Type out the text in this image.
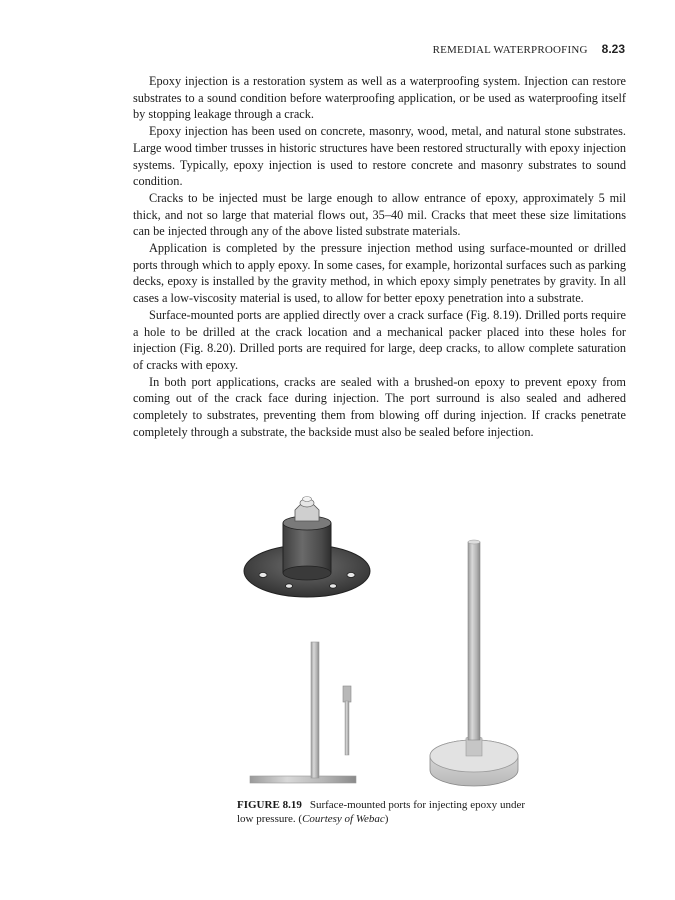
REMEDIAL WATERPROOFING 8.23

Epoxy injection is a restoration system as well as a waterproofing system. Injection can restore substrates to a sound condition before waterproofing application, or be used as waterproofing itself by stopping leakage through a crack.

Epoxy injection has been used on concrete, masonry, wood, metal, and natural stone substrates. Large wood timber trusses in historic structures have been restored structurally with epoxy injection systems. Typically, epoxy injection is used to restore concrete and masonry substrates to sound condition.

Cracks to be injected must be large enough to allow entrance of epoxy, approximately 5 mil thick, and not so large that material flows out, 35–40 mil. Cracks that meet these size limitations can be injected through any of the above listed substrate materials.

Application is completed by the pressure injection method using surface-mounted or drilled ports through which to apply epoxy. In some cases, for example, horizontal surfaces such as parking decks, epoxy is installed by the gravity method, in which epoxy simply penetrates by gravity. In all cases a low-viscosity material is used, to allow for better epoxy penetration into a substrate.

Surface-mounted ports are applied directly over a crack surface (Fig. 8.19). Drilled ports require a hole to be drilled at the crack location and a mechanical packer placed into these holes for injection (Fig. 8.20). Drilled ports are required for large, deep cracks, to allow complete saturation of cracks with epoxy.

In both port applications, cracks are sealed with a brushed-on epoxy to prevent epoxy from coming out of the crack face during injection. The port surround is also sealed and adhered completely to substrates, preventing them from blowing off during injection. If cracks penetrate completely through a substrate, the backside must also be sealed before injection.

FIGURE 8.19 Surface-mounted ports for injecting epoxy under low pressure. (Courtesy of Webac)
